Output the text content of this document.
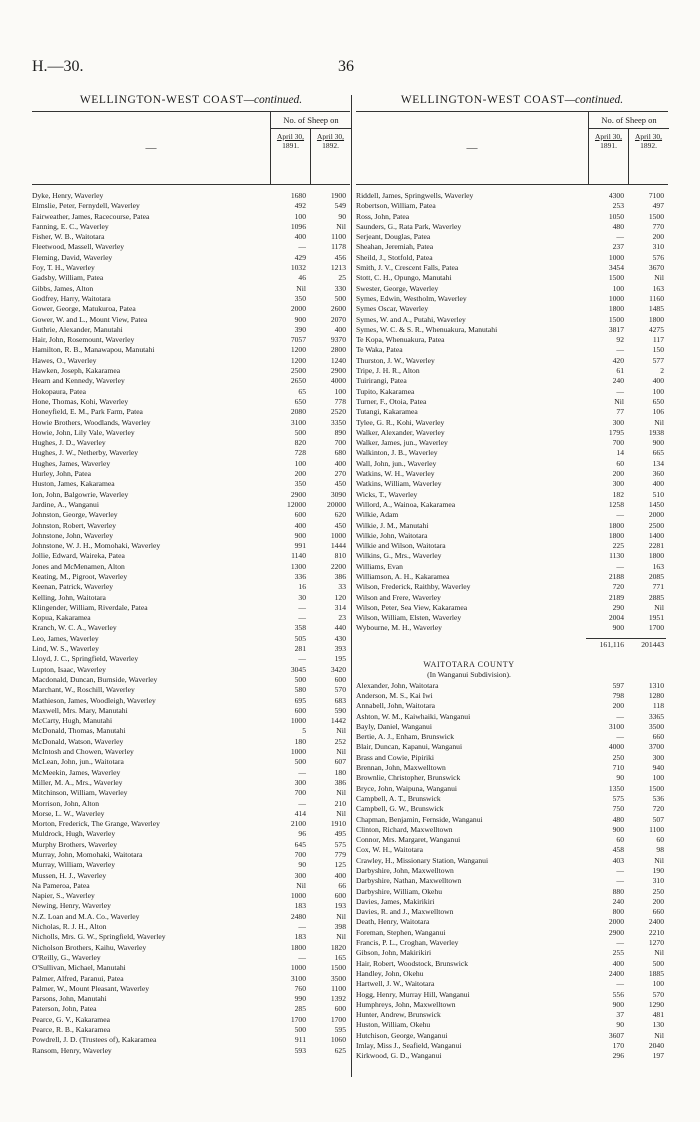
H.—30.	36
WELLINGTON-WEST COAST—continued.
—
No. of Sheep on
April 30,
1891.
April 30,
1892.
Dyke, Henry, Waverley	1680	1900
Elmslie, Peter, Fernydell, Waverley	492	549
Fairweather, James, Racecourse, Patea	100	90
Fanning, E. C., Waverley	1096	Nil
Fisher, W. B., Waitotara	400	1100
Fleetwood, Massell, Waverley	—	1178
Fleming, David, Waverley	429	456
Foy, T. H., Waverley	1032	1213
Gadsby, William, Patea	46	25
Gibbs, James, Alton	Nil	330
Godfrey, Harry, Waitotara	350	500
Gower, George, Matukuroa, Patea	2000	2600
Gower, W. and L., Mount View, Patea	900	2070
Guthrie, Alexander, Manutahi	390	400
Hair, John, Rosemount, Waverley	7057	9370
Hamilton, R. B., Manawapou, Manutahi	1200	2800
Hawes, O., Waverley	1200	1240
Hawken, Joseph, Kakaramea	2500	2900
Hearn and Kennedy, Waverley	2650	4000
Hokopaura, Patea	65	100
Hone, Thomas, Kohi, Waverley	650	778
Honeyfield, E. M., Park Farm, Patea	2080	2520
Howie Brothers, Woodlands, Waverley	3100	3350
Howie, John, Lily Vale, Waverley	500	890
Hughes, J. D., Waverley	820	700
Hughes, J. W., Netherby, Waverley	728	680
Hughes, James, Waverley	100	400
Hurley, John, Patea	200	270
Huston, James, Kakaramea	350	450
Ion, John, Balgowrie, Waverley	2900	3090
Jardine, A., Wanganui	12000	20000
Johnston, George, Waverley	600	620
Johnston, Robert, Waverley	400	450
Johnstone, John, Waverley	900	1000
Johnstone, W. J. H., Momohaki, Waverley	991	1444
Jollie, Edward, Waireka, Patea	1140	810
Jones and McMenamen, Alton	1300	2200
Keating, M., Pigroot, Waverley	336	386
Keenan, Patrick, Waverley	16	33
Kelling, John, Waitotara	30	120
Klingender, William, Riverdale, Patea	—	314
Kopua, Kakaramea	—	23
Kranch, W. C. A., Waverley	358	440
Leo, James, Waverley	505	430
Lind, W. S., Waverley	281	393
Lloyd, J. C., Springfield, Waverley	—	195
Lupton, Isaac, Waverley	3045	3420
Macdonald, Duncan, Burnside, Waverley	500	600
Marchant, W., Roschill, Waverley	580	570
Mathieson, James, Woodleigh, Waverley	695	683
Maxwell, Mrs. Mary, Manutahi	600	590
McCarty, Hugh, Manutahi	1000	1442
McDonald, Thomas, Manutahi	5	Nil
McDonald, Watson, Waverley	180	252
McIntosh and Chowen, Waverley	1000	Nil
McLean, John, jun., Waitotara	500	607
McMeekin, James, Waverley	—	180
Miller, M. A., Mrs., Waverley	300	386
Mitchinson, William, Waverley	700	Nil
Morrison, John, Alton	—	210
Morse, L. W., Waverley	414	Nil
Morton, Frederick, The Grange, Waverley	2100	1910
Muldrock, Hugh, Waverley	96	495
Murphy Brothers, Waverley	645	575
Murray, John, Momohaki, Waitotara	700	779
Murray, William, Waverley	90	125
Mussen, H. J., Waverley	300	400
Na Pameroa, Patea	Nil	66
Napier, S., Waverley	1000	600
Newing, Henry, Waverley	183	193
N.Z. Loan and M.A. Co., Waverley	2480	Nil
Nicholas, R. J. H., Alton	—	398
Nicholls, Mrs. G. W., Springfield, Waverley	183	Nil
Nicholson Brothers, Kaihu, Waverley	1800	1820
O'Reilly, G., Waverley	—	165
O'Sullivan, Michael, Manutahi	1000	1500
Palmer, Alfred, Paranui, Patea	3100	3500
Palmer, W., Mount Pleasant, Waverley	760	1100
Parsons, John, Manutahi	990	1392
Paterson, John, Patea	285	600
Pearce, G. V., Kakaramea	1700	1700
Pearce, R. B., Kakaramea	500	595
Powdrell, J. D. (Trustees of), Kakaramea	911	1060
Ransom, Henry, Waverley	593	625
WELLINGTON-WEST COAST—continued.
—
No. of Sheep on
April 30,
1891.
April 30,
1892.
Riddell, James, Springwells, Waverley	4300	7100
Robertson, William, Patea	253	497
Ross, John, Patea	1050	1500
Saunders, G., Rata Park, Waverley	480	770
Serjeant, Douglas, Patea	—	200
Sheahan, Jeremiah, Patea	237	310
Sheild, J., Stotfold, Patea	1000	576
Smith, J. V., Crescent Falls, Patea	3454	3670
Stott, C. H., Opungo, Manutahi	1500	Nil
Swester, George, Waverley	100	163
Symes, Edwin, Westholm, Waverley	1000	1160
Symes Oscar, Waverley	1800	1485
Symes, W. and A., Putahi, Waverley	1500	1800
Symes, W. C. & S. R., Whenuakura, Manutahi	3817	4275
Te Kopa, Whenuakura, Patea	92	117
Te Waka, Patea	—	150
Thurston, J. W., Waverley	420	577
Tripe, J. H. R., Alton	61	2
Tuirirangi, Patea	240	400
Tupito, Kakaramea	—	100
Turner, F., Otoia, Patea	Nil	650
Tutangi, Kakaramea	77	106
Tylee, G. R., Kohi, Waverley	300	Nil
Walker, Alexander, Waverley	1795	1938
Walker, James, jun., Waverley	700	900
Walkinton, J. B., Waverley	14	665
Wall, John, jun., Waverley	60	134
Watkins, W. H., Waverley	200	360
Watkins, William, Waverley	300	400
Wicks, T., Waverley	182	510
Willord, A., Wainoa, Kakaramea	1258	1450
Wilkie, Adam	—	2000
Wilkie, J. M., Manutahi	1800	2500
Wilkie, John, Waitotara	1800	1400
Wilkie and Wilson, Waitotara	225	2281
Wilkins, G., Mrs., Waverley	1130	1800
Williams, Evan	—	163
Williamson, A. H., Kakaramea	2188	2085
Wilson, Frederick, Raithby, Waverley	720	771
Wilson and Frere, Waverley	2189	2885
Wilson, Peter, Sea View, Kakaramea	290	Nil
Wilson, William, Elsten, Waverley	2004	1951
Wybourne, M. H., Waverley	900	1700
161,116	201443
WAITOTARA COUNTY
(In Wanganui Subdivision).
Alexander, John, Waitotara	597	1310
Anderson, M. S., Kai Iwi	798	1280
Annabell, John, Waitotara	200	118
Ashton, W. M., Kaiwhaiki, Wanganui	—	3365
Bayly, Daniel, Wanganui	3100	3500
Bertie, A. J., Enham, Brunswick	—	660
Blair, Duncan, Kapanui, Wanganui	4000	3700
Brass and Cowie, Pipiriki	250	300
Brennan, John, Maxwelltown	710	940
Brownlie, Christopher, Brunswick	90	100
Bryce, John, Waipuna, Wanganui	1350	1500
Campbell, A. T., Brunswick	575	536
Campbell, G. W., Brunswick	750	720
Chapman, Benjamin, Fernside, Wanganui	480	507
Clinton, Richard, Maxwelltown	900	1100
Connor, Mrs. Margaret, Wanganui	60	60
Cox, W. H., Waitotara	458	98
Crawley, H., Missionary Station, Wanganui	403	Nil
Darbyshire, John, Maxwelltown	—	190
Darbyshire, Nathan, Maxwelltown	—	310
Darbyshire, William, Okehu	880	250
Davies, James, Makirikiri	240	200
Davies, R. and J., Maxwelltown	800	660
Death, Henry, Waitotara	2000	2400
Foreman, Stephen, Wanganui	2900	2210
Francis, P. L., Croghan, Waverley	—	1270
Gibson, John, Makirikiri	255	Nil
Hair, Robert, Woodstock, Brunswick	400	500
Handley, John, Okehu	2400	1885
Hartwell, J. W., Waitotara	—	100
Hogg, Henry, Murray Hill, Wanganui	556	570
Humphreys, John, Maxwelltown	900	1290
Hunter, Andrew, Brunswick	37	481
Huston, William, Okehu	90	130
Hutchison, George, Wanganui	3607	Nil
Imlay, Miss J., Seafield, Wanganui	170	2040
Kirkwood, G. D., Wanganui	296	197
